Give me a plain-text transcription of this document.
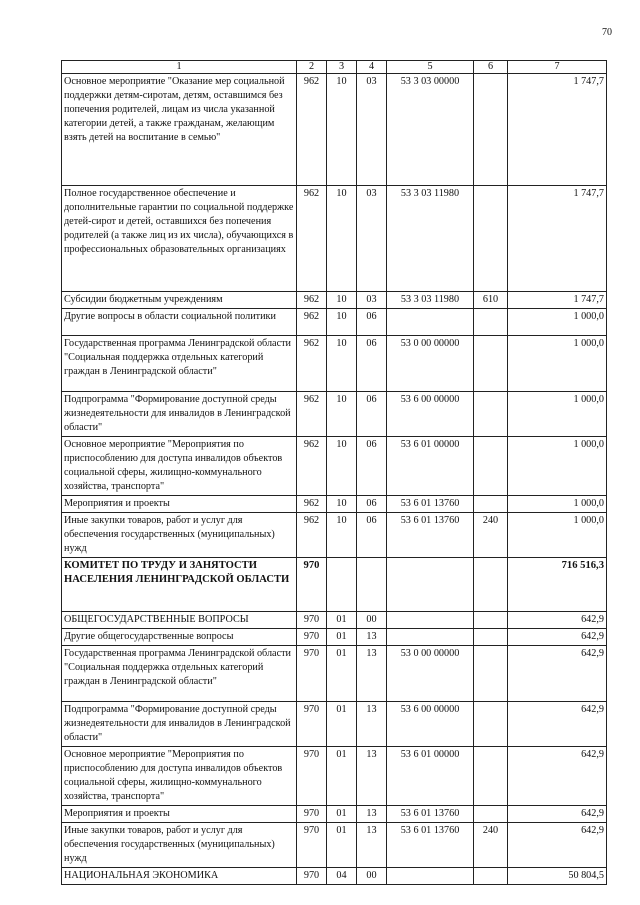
70
1	2	3	4	5	6	7
Основное мероприятие "Оказание мер социальной поддержки детям-сиротам, детям, оставшимся без попечения родителей, лицам из числа указанной категории детей, а также гражданам, желающим взять детей на воспитание в семью"	962	10	03	53 3 03 00000		1 747,7
Полное государственное обеспечение и дополнительные гарантии по социальной поддержке детей-сирот и детей, оставшихся без попечения родителей (а также лиц из их числа), обучающихся в профессиональных образовательных организациях	962	10	03	53 3 03 11980		1 747,7
Субсидии бюджетным учреждениям	962	10	03	53 3 03 11980	610	1 747,7
Другие вопросы в области социальной политики	962	10	06			1 000,0
Государственная программа Ленинградской области "Социальная поддержка отдельных категорий граждан в Ленинградской области"	962	10	06	53 0 00 00000		1 000,0
Подпрограмма "Формирование доступной среды жизнедеятельности для инвалидов в Ленинградской области"	962	10	06	53 6 00 00000		1 000,0
Основное мероприятие "Мероприятия по приспособлению для доступа инвалидов объектов социальной сферы, жилищно-коммунального хозяйства, транспорта"	962	10	06	53 6 01 00000		1 000,0
Мероприятия и проекты	962	10	06	53 6 01 13760		1 000,0
Иные закупки товаров, работ и услуг для обеспечения государственных (муниципальных) нужд	962	10	06	53 6 01 13760	240	1 000,0
КОМИТЕТ ПО ТРУДУ И ЗАНЯТОСТИ НАСЕЛЕНИЯ ЛЕНИНГРАДСКОЙ ОБЛАСТИ	970					716 516,3
ОБЩЕГОСУДАРСТВЕННЫЕ ВОПРОСЫ	970	01	00			642,9
Другие общегосударственные вопросы	970	01	13			642,9
Государственная программа Ленинградской области "Социальная поддержка отдельных категорий граждан в Ленинградской области"	970	01	13	53 0 00 00000		642,9
Подпрограмма "Формирование доступной среды жизнедеятельности для инвалидов в Ленинградской области"	970	01	13	53 6 00 00000		642,9
Основное мероприятие "Мероприятия по приспособлению для доступа инвалидов объектов социальной сферы, жилищно-коммунального хозяйства, транспорта"	970	01	13	53 6 01 00000		642,9
Мероприятия и проекты	970	01	13	53 6 01 13760		642,9
Иные закупки товаров, работ и услуг для обеспечения государственных (муниципальных) нужд	970	01	13	53 6 01 13760	240	642,9
НАЦИОНАЛЬНАЯ ЭКОНОМИКА	970	04	00			50 804,5
